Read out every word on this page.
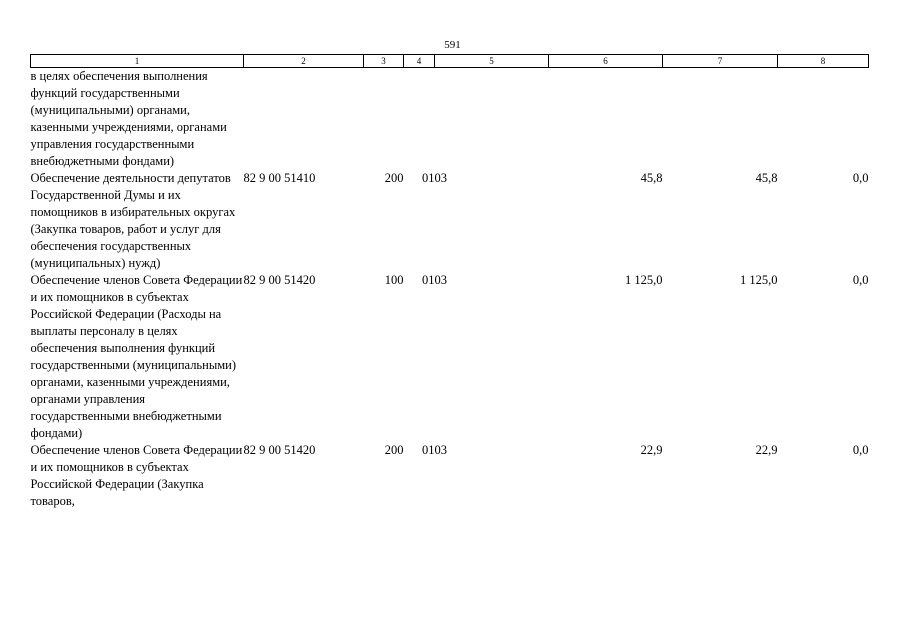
591
1	2	3	4	5	6	7	8
в целях обеспечения выполнения функций государственными (муниципальными) органами, казенными учреждениями, органами управления государственными внебюджетными фондами)							
Обеспечение деятельности депутатов Государственной Думы и их помощников в избирательных округах (Закупка товаров, работ и услуг для обеспечения государственных (муниципальных) нужд)	82 9 00 51410	200	01	03	45,8	45,8	0,0
Обеспечение членов Совета Федерации и их помощников в субъектах Российской Федерации (Расходы на выплаты персоналу в целях обеспечения выполнения функций государственными (муниципальными) органами, казенными учреждениями, органами управления государственными внебюджетными фондами)	82 9 00 51420	100	01	03	1 125,0	1 125,0	0,0
Обеспечение членов Совета Федерации и их помощников в субъектах Российской Федерации (Закупка товаров,	82 9 00 51420	200	01	03	22,9	22,9	0,0
